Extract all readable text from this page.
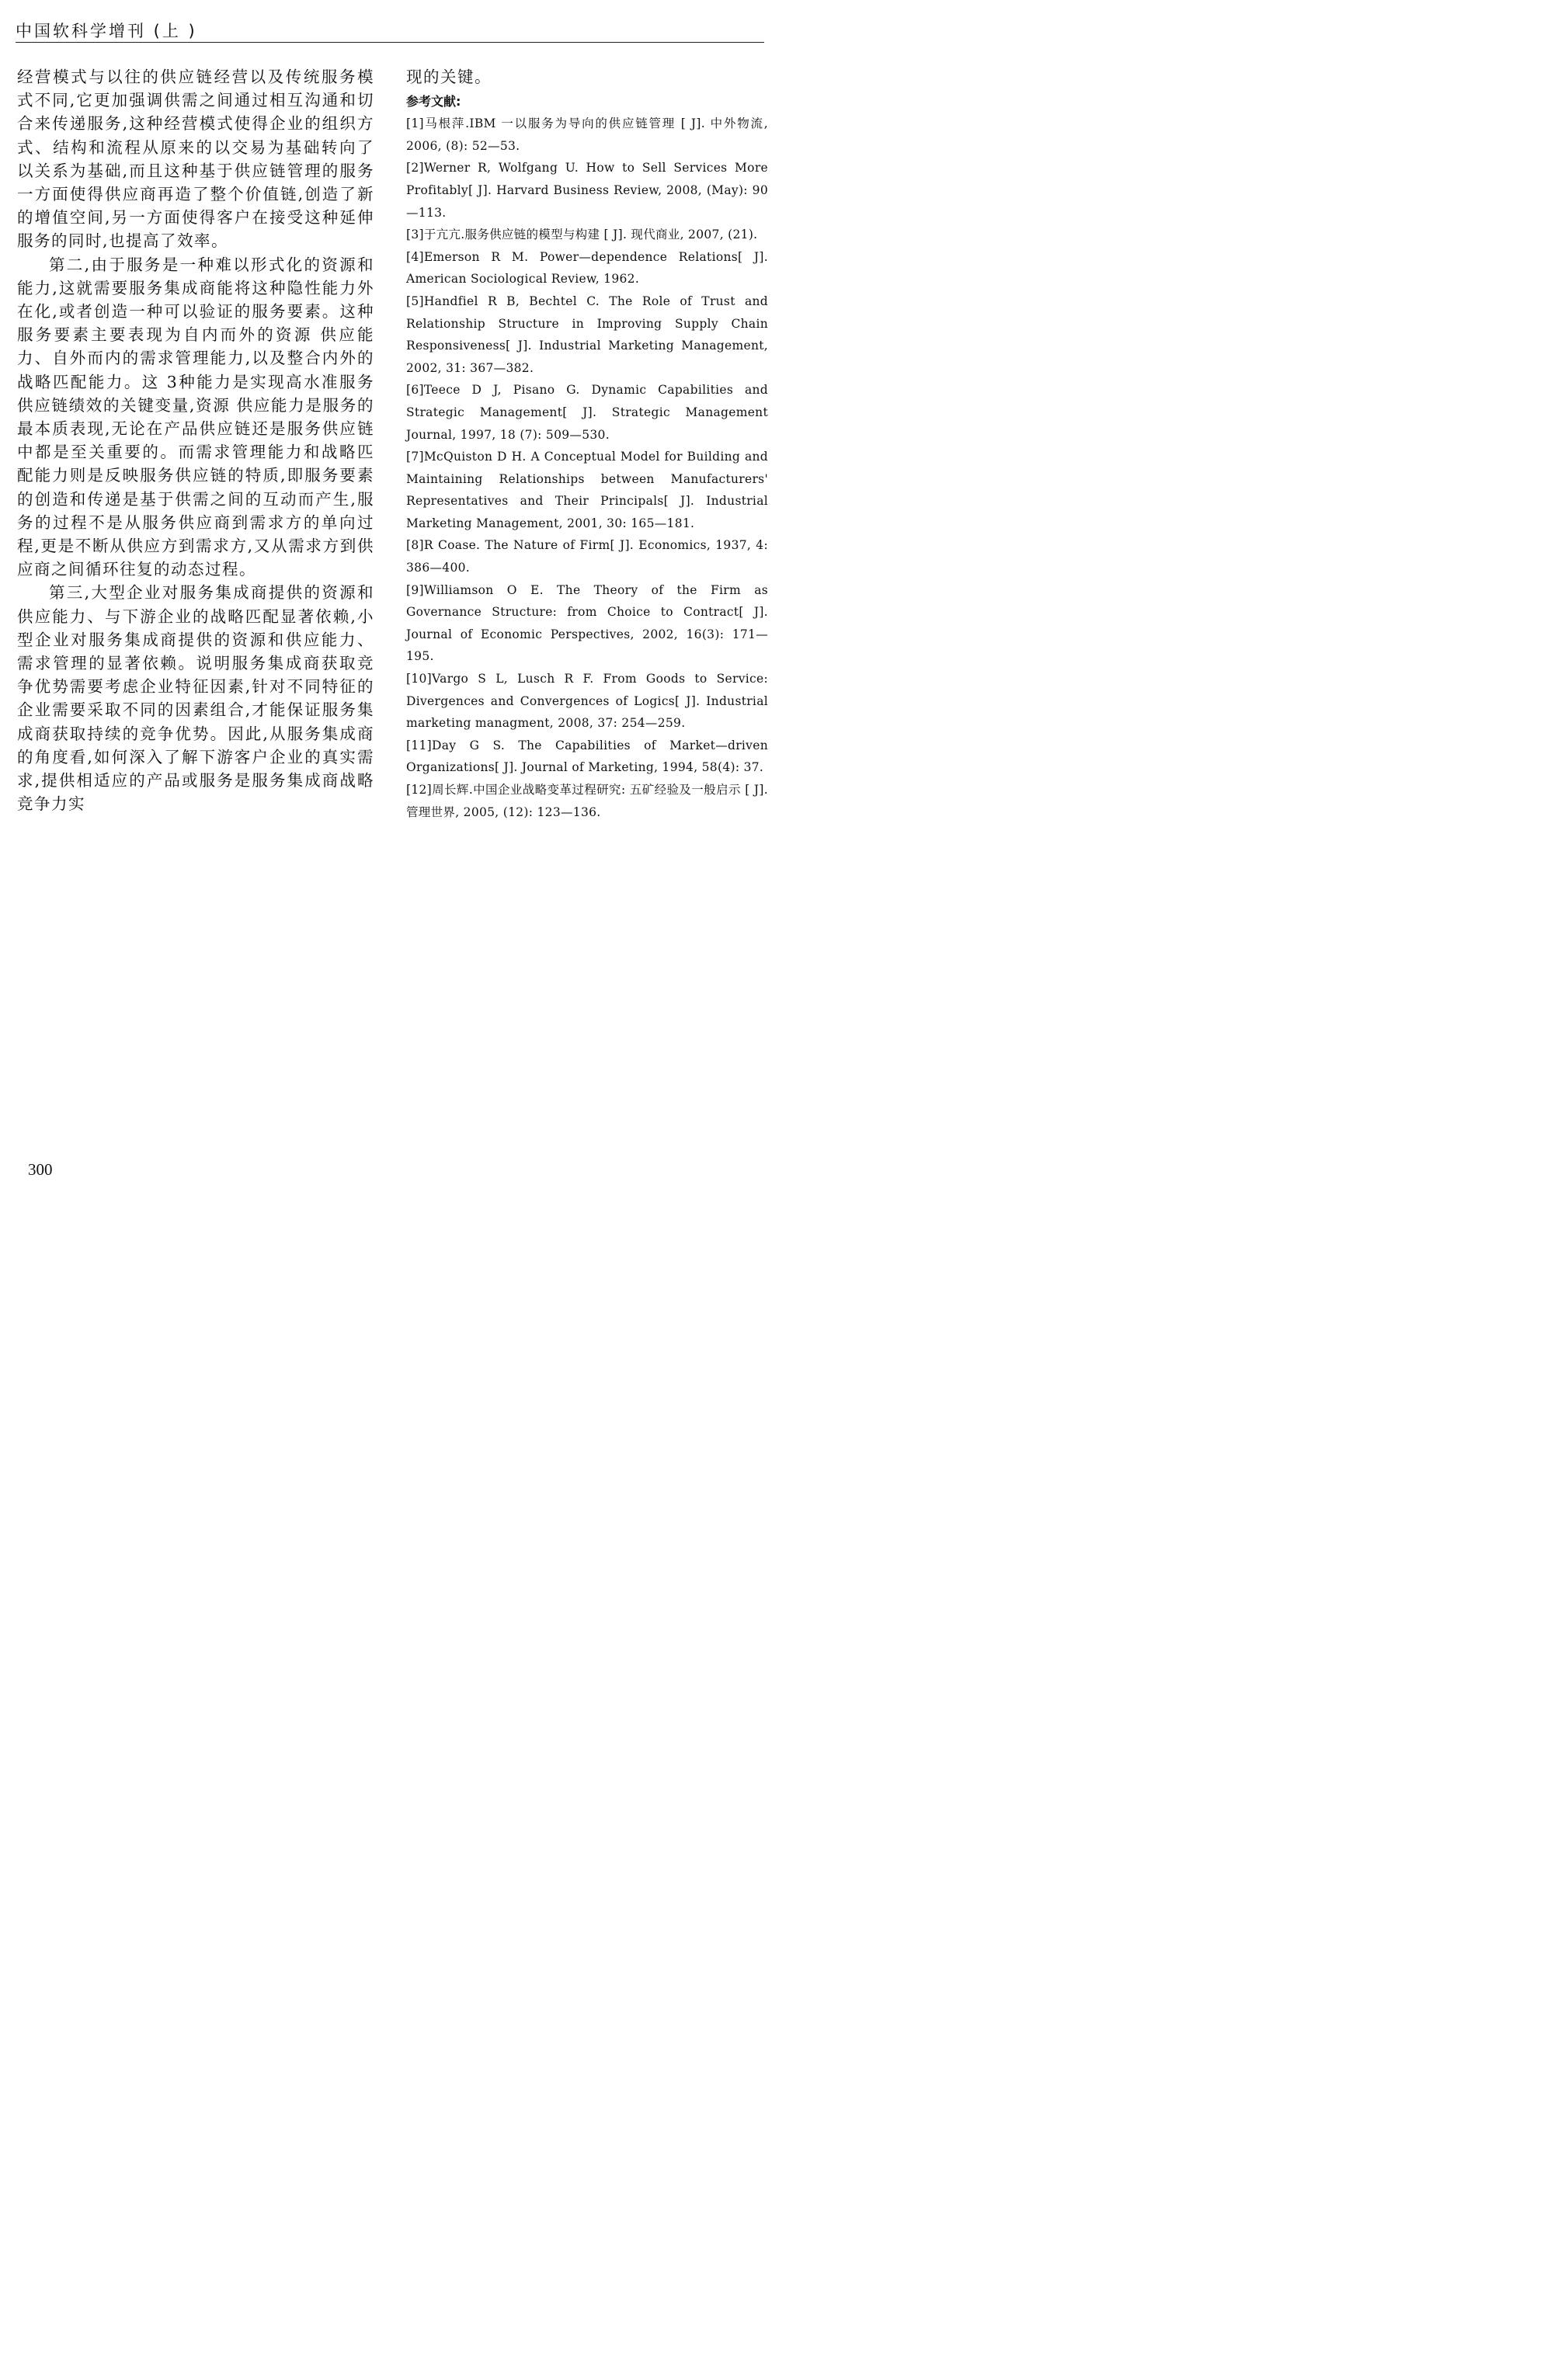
中国软科学增刊 (上 )

经营模式与以往的供应链经营以及传统服务模式不同,它更加强调供需之间通过相互沟通和切合来传递服务,这种经营模式使得企业的组织方式、结构和流程从原来的以交易为基础转向了以关系为基础,而且这种基于供应链管理的服务一方面使得供应商再造了整个价值链,创造了新的增值空间,另一方面使得客户在接受这种延伸服务的同时,也提高了效率。

第二,由于服务是一种难以形式化的资源和能力,这就需要服务集成商能将这种隐性能力外在化,或者创造一种可以验证的服务要素。这种服务要素主要表现为自内而外的资源 供应能力、自外而内的需求管理能力,以及整合内外的战略匹配能力。这 3种能力是实现高水准服务供应链绩效的关键变量,资源 供应能力是服务的最本质表现,无论在产品供应链还是服务供应链中都是至关重要的。而需求管理能力和战略匹配能力则是反映服务供应链的特质,即服务要素的创造和传递是基于供需之间的互动而产生,服务的过程不是从服务供应商到需求方的单向过程,更是不断从供应方到需求方,又从需求方到供应商之间循环往复的动态过程。

第三,大型企业对服务集成商提供的资源和供应能力、与下游企业的战略匹配显著依赖,小型企业对服务集成商提供的资源和供应能力、需求管理的显著依赖。说明服务集成商获取竞争优势需要考虑企业特征因素,针对不同特征的企业需要采取不同的因素组合,才能保证服务集成商获取持续的竞争优势。因此,从服务集成商的角度看,如何深入了解下游客户企业的真实需求,提供相适应的产品或服务是服务集成商战略竞争力实

现的关键。

参考文献:

[1]马根萍.IBM 一以服务为导向的供应链管理 [ J]. 中外物流, 2006, (8): 52—53.

[2]Werner R, Wolfgang U. How to Sell Services More Profitably[ J]. Harvard Business Review, 2008, (May): 90—113.

[3]于亢亢.服务供应链的模型与构建 [ J]. 现代商业, 2007, (21).

[4]Emerson R M. Power—dependence Relations[ J]. American Sociological Review, 1962.

[5]Handfiel R B, Bechtel C. The Role of Trust and Relationship Structure in Improving Supply Chain Responsiveness[ J]. Industrial Marketing Management, 2002, 31: 367—382.

[6]Teece D J, Pisano G. Dynamic Capabilities and Strategic Management[ J]. Strategic Management Journal, 1997, 18 (7): 509—530.

[7]McQuiston D H. A Conceptual Model for Building and Maintaining Relationships between Manufacturers' Representatives and Their Principals[ J]. Industrial Marketing Management, 2001, 30: 165—181.

[8]R Coase. The Nature of Firm[ J]. Economics, 1937, 4: 386—400.

[9]Williamson O E. The Theory of the Firm as Governance Structure: from Choice to Contract[ J]. Journal of Economic Perspectives, 2002, 16(3): 171—195.

[10]Vargo S L, Lusch R F. From Goods to Service: Divergences and Convergences of Logics[ J]. Industrial marketing managment, 2008, 37: 254—259.

[11]Day G S. The Capabilities of Market—driven Organizations[ J]. Journal of Marketing, 1994, 58(4): 37.

[12]周长辉.中国企业战略变革过程研究: 五矿经验及一般启示 [ J]. 管理世界, 2005, (12): 123—136.

300
